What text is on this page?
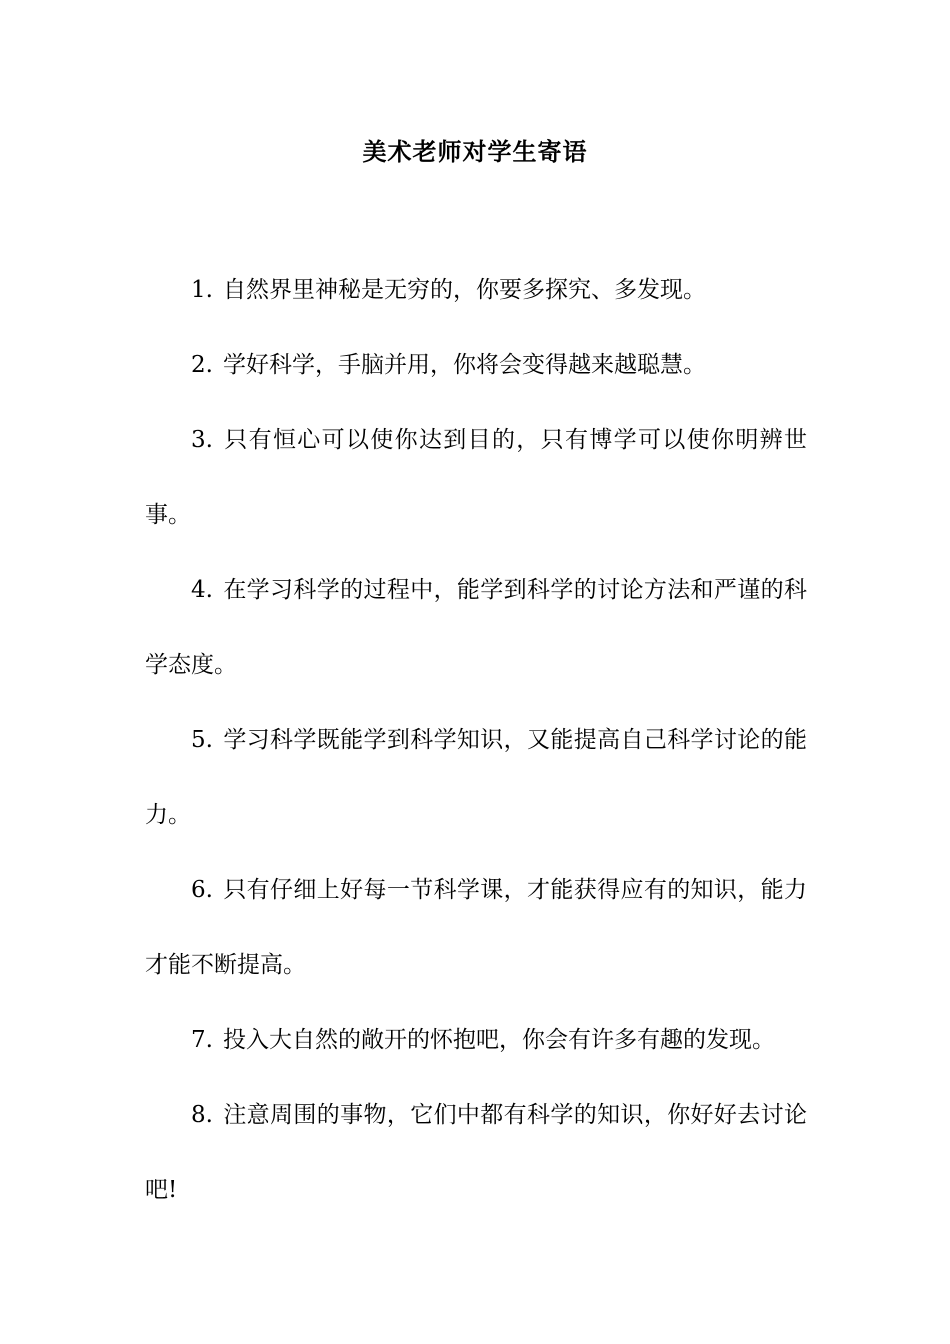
美术老师对学生寄语

1. 自然界里神秘是无穷的，你要多探究、多发现。

2. 学好科学，手脑并用，你将会变得越来越聪慧。

3. 只有恒心可以使你达到目的，只有博学可以使你明辨世事。

4. 在学习科学的过程中，能学到科学的讨论方法和严谨的科学态度。

5. 学习科学既能学到科学知识，又能提高自己科学讨论的能力。

6. 只有仔细上好每一节科学课，才能获得应有的知识，能力才能不断提高。

7. 投入大自然的敞开的怀抱吧，你会有许多有趣的发现。

8. 注意周围的事物，它们中都有科学的知识，你好好去讨论吧!
